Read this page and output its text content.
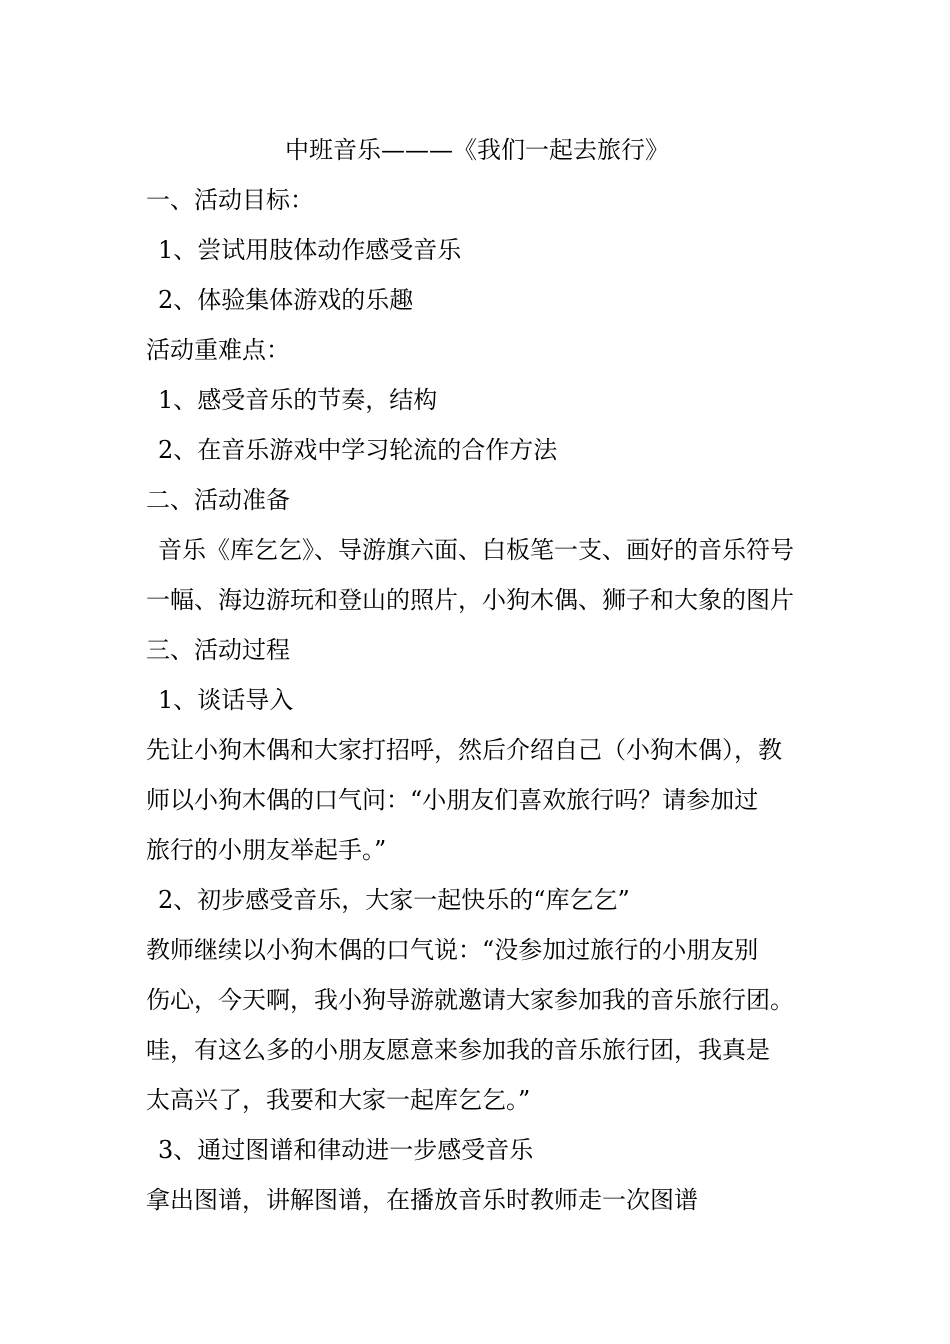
中班音乐———《我们一起去旅行》
一、活动目标：
1、尝试用肢体动作感受音乐
2、体验集体游戏的乐趣
活动重难点：
1、感受音乐的节奏，结构
2、在音乐游戏中学习轮流的合作方法
二、活动准备
音乐《库乞乞》、导游旗六面、白板笔一支、画好的音乐符号
一幅、海边游玩和登山的照片，小狗木偶、狮子和大象的图片
三、活动过程
1、谈话导入
先让小狗木偶和大家打招呼，然后介绍自己（小狗木偶），教
师以小狗木偶的口气问：“小朋友们喜欢旅行吗？请参加过
旅行的小朋友举起手。”
2、初步感受音乐，大家一起快乐的“库乞乞”
教师继续以小狗木偶的口气说：“没参加过旅行的小朋友别
伤心，今天啊，我小狗导游就邀请大家参加我的音乐旅行团。
哇，有这么多的小朋友愿意来参加我的音乐旅行团，我真是
太高兴了，我要和大家一起库乞乞。”
3、通过图谱和律动进一步感受音乐
拿出图谱，讲解图谱，在播放音乐时教师走一次图谱
